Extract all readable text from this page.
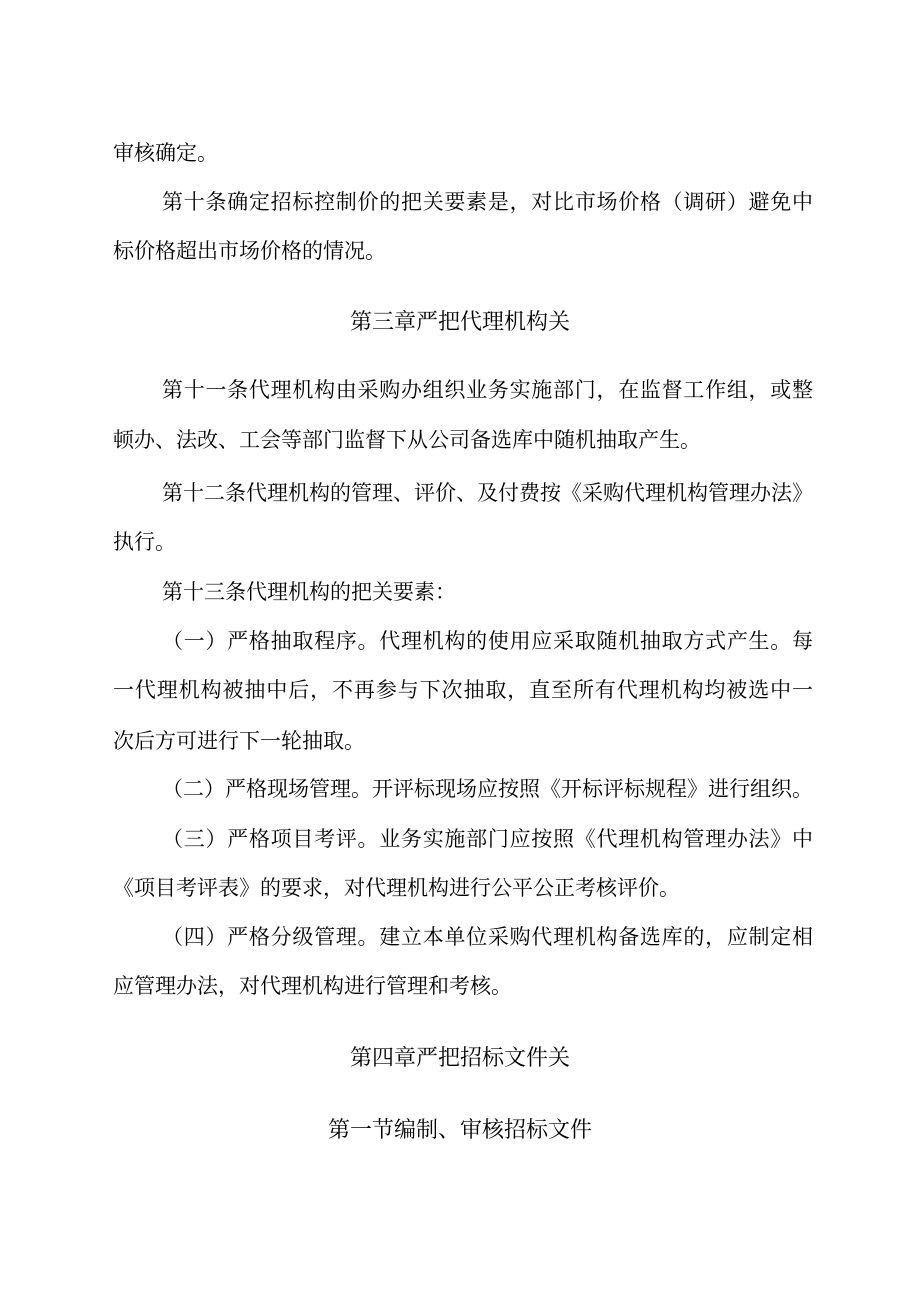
审核确定。
第十条确定招标控制价的把关要素是，对比市场价格（调研）避免中
标价格超出市场价格的情况。
第三章严把代理机构关
第十一条代理机构由采购办组织业务实施部门，在监督工作组，或整
顿办、法改、工会等部门监督下从公司备选库中随机抽取产生。
第十二条代理机构的管理、评价、及付费按《采购代理机构管理办法》
执行。
第十三条代理机构的把关要素：
（一）严格抽取程序。代理机构的使用应采取随机抽取方式产生。每
一代理机构被抽中后，不再参与下次抽取，直至所有代理机构均被选中一
次后方可进行下一轮抽取。
（二）严格现场管理。开评标现场应按照《开标评标规程》进行组织。
（三）严格项目考评。业务实施部门应按照《代理机构管理办法》中
《项目考评表》的要求，对代理机构进行公平公正考核评价。
（四）严格分级管理。建立本单位采购代理机构备选库的，应制定相
应管理办法，对代理机构进行管理和考核。
第四章严把招标文件关
第一节编制、审核招标文件
